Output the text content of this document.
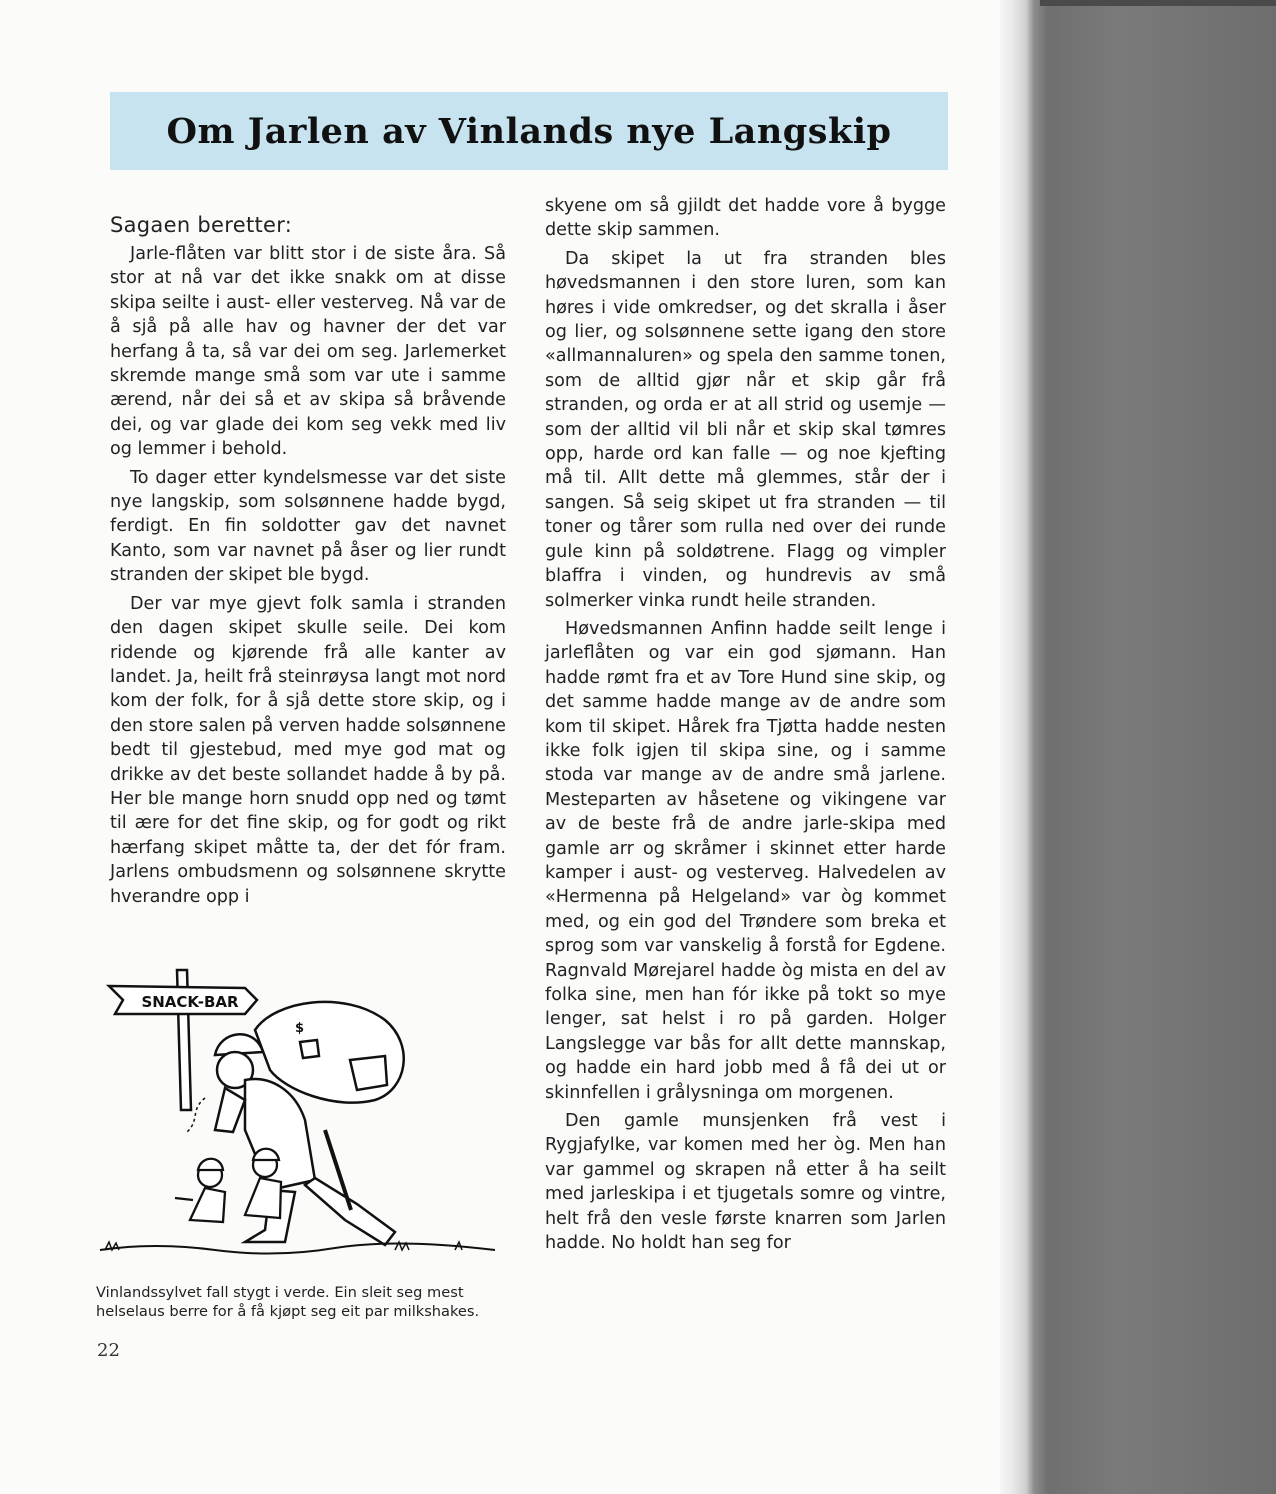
Om Jarlen av Vinlands nye Langskip

Sagaen beretter:

Jarle-flåten var blitt stor i de siste åra. Så stor at nå var det ikke snakk om at disse skipa seilte i aust- eller vesterveg. Nå var de å sjå på alle hav og havner der det var herfang å ta, så var dei om seg. Jarlemerket skremde mange små som var ute i samme ærend, når dei så et av skipa så bråvende dei, og var glade dei kom seg vekk med liv og lemmer i behold.

To dager etter kyndelsmesse var det siste nye langskip, som solsønnene hadde bygd, ferdigt. En fin soldotter gav det navnet Kanto, som var navnet på åser og lier rundt stranden der skipet ble bygd.

Der var mye gjevt folk samla i stranden den dagen skipet skulle seile. Dei kom ridende og kjørende frå alle kanter av landet. Ja, heilt frå steinrøysa langt mot nord kom der folk, for å sjå dette store skip, og i den store salen på verven hadde solsønnene bedt til gjestebud, med mye god mat og drikke av det beste sollandet hadde å by på. Her ble mange horn snudd opp ned og tømt til ære for det fine skip, og for godt og rikt hærfang skipet måtte ta, der det fór fram. Jarlens ombudsmenn og solsønnene skrytte hverandre opp i

skyene om så gjildt det hadde vore å bygge dette skip sammen.

Da skipet la ut fra stranden bles høvedsmannen i den store luren, som kan høres i vide omkredser, og det skralla i åser og lier, og solsønnene sette igang den store «allmannaluren» og spela den samme tonen, som de alltid gjør når et skip går frå stranden, og orda er at all strid og usemje — som der alltid vil bli når et skip skal tømres opp, harde ord kan falle — og noe kjefting må til. Allt dette må glemmes, står der i sangen. Så seig skipet ut fra stranden — til toner og tårer som rulla ned over dei runde gule kinn på soldøtrene. Flagg og vimpler blaffra i vinden, og hundrevis av små solmerker vinka rundt heile stranden.

Høvedsmannen Anfinn hadde seilt lenge i jarleflåten og var ein god sjømann. Han hadde rømt fra et av Tore Hund sine skip, og det samme hadde mange av de andre som kom til skipet. Hårek fra Tjøtta hadde nesten ikke folk igjen til skipa sine, og i samme stoda var mange av de andre små jarlene. Mesteparten av håsetene og vikingene var av de beste frå de andre jarle-skipa med gamle arr og skråmer i skinnet etter harde kamper i aust- og vesterveg. Halvedelen av «Hermenna på Helgeland» var òg kommet med, og ein god del Trøndere som breka et sprog som var vanskelig å forstå for Egdene. Ragnvald Mørejarel hadde òg mista en del av folka sine, men han fór ikke på tokt so mye lenger, sat helst i ro på garden. Holger Langslegge var bås for allt dette mannskap, og hadde ein hard jobb med å få dei ut or skinnfellen i grålysninga om morgenen.

Den gamle munsjenken frå vest i Rygjafylke, var komen med her òg. Men han var gammel og skrapen nå etter å ha seilt med jarleskipa i et tjugetals somre og vintre, helt frå den vesle første knarren som Jarlen hadde. No holdt han seg for

SNACK-BAR
$
Vinlandssylvet fall stygt i verde. Ein sleit seg mest helselaus berre for å få kjøpt seg eit par milkshakes.
22
